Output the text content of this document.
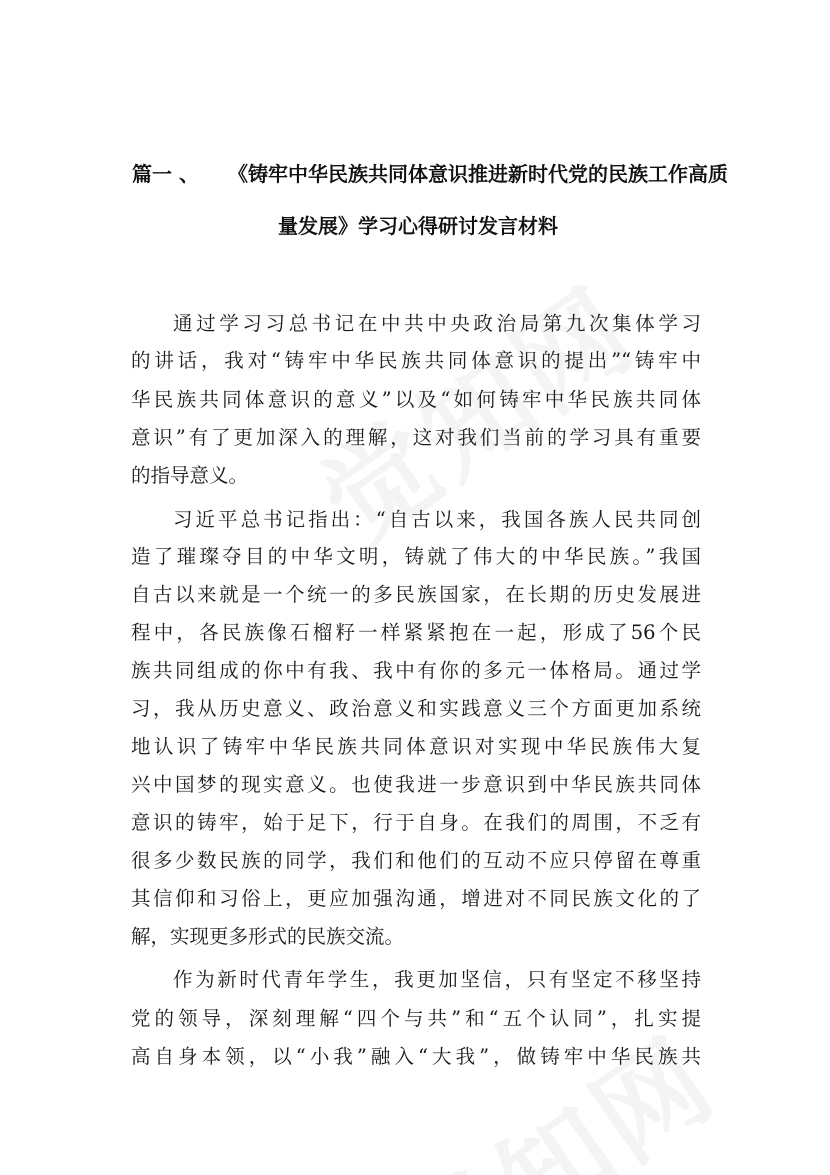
篇一 、 《铸牢中华民族共同体意识推进新时代党的民族工作高质
量发展》学习心得研讨发言材料
通过学习习总书记在中共中央政治局第九次集体学习
的讲话，我对“铸牢中华民族共同体意识的提出”“铸牢中
华民族共同体意识的意义”以及“如何铸牢中华民族共同体
意识”有了更加深入的理解，这对我们当前的学习具有重要
的指导意义。
习近平总书记指出：“自古以来，我国各族人民共同创
造了璀璨夺目的中华文明，铸就了伟大的中华民族。”我国
自古以来就是一个统一的多民族国家，在长期的历史发展进
程中，各民族像石榴籽一样紧紧抱在一起，形成了56个民
族共同组成的你中有我、我中有你的多元一体格局。通过学
习，我从历史意义、政治意义和实践意义三个方面更加系统
地认识了铸牢中华民族共同体意识对实现中华民族伟大复
兴中国梦的现实意义。也使我进一步意识到中华民族共同体
意识的铸牢，始于足下，行于自身。在我们的周围，不乏有
很多少数民族的同学，我们和他们的互动不应只停留在尊重
其信仰和习俗上，更应加强沟通，增进对不同民族文化的了
解，实现更多形式的民族交流。
作为新时代青年学生，我更加坚信，只有坚定不移坚持
党的领导，深刻理解“四个与共”和“五个认同”，扎实提
高自身本领，以“小我”融入“大我”，做铸牢中华民族共
